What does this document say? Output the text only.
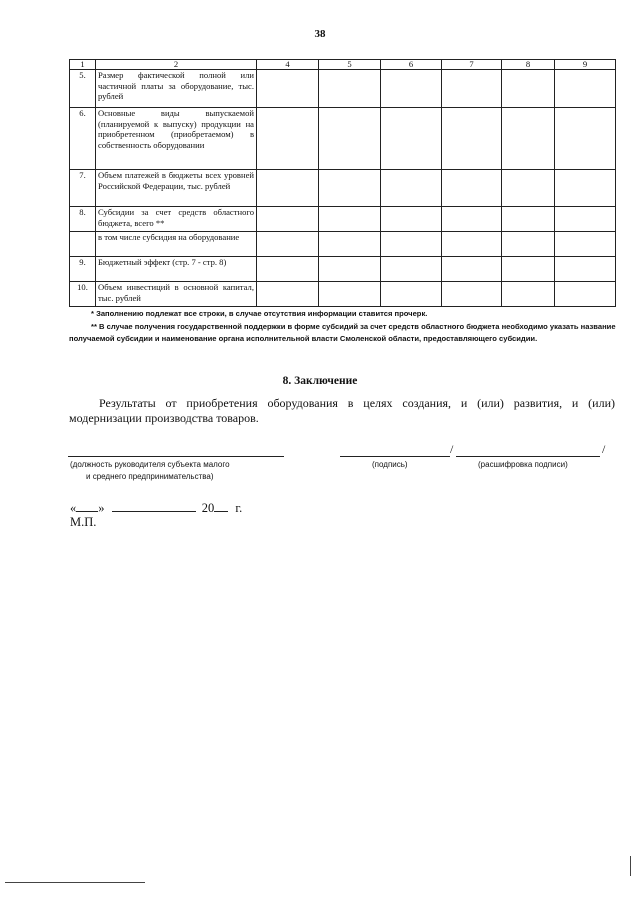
38
1	2	4	5	6	7	8	9
5.	Размер фактической полной или частичной платы за оборудование, тыс. рублей						
6.	Основные виды выпускаемой (планируемой к выпуску) продукции на приобретенном (приобретаемом) в собственность оборудовании						
7.	Объем платежей в бюджеты всех уровней Российской Федерации, тыс. рублей						
8.	Субсидии за счет средств областного бюджета, всего **						
	в том числе субсидия на оборудование						
9.	Бюджетный эффект (стр. 7 - стр. 8)						
10.	Объем инвестиций в основной капитал, тыс. рублей						

* Заполнению подлежат все строки, в случае отсутствия информации ставится прочерк.

** В случае получения государственной поддержки в форме субсидий за счет средств областного бюджета необходимо указать название получаемой субсидии и наименование органа исполнительной власти Смоленской области, предоставляющего субсидии.

8. Заключение
Результаты от приобретения оборудования в целях создания, и (или) развития, и (или) модернизации производства товаров.
/	/
(должность руководителя субъекта малого
и среднего предпринимательства)
(подпись)	(расшифровка подписи)
« »	20 г.
М.П.
